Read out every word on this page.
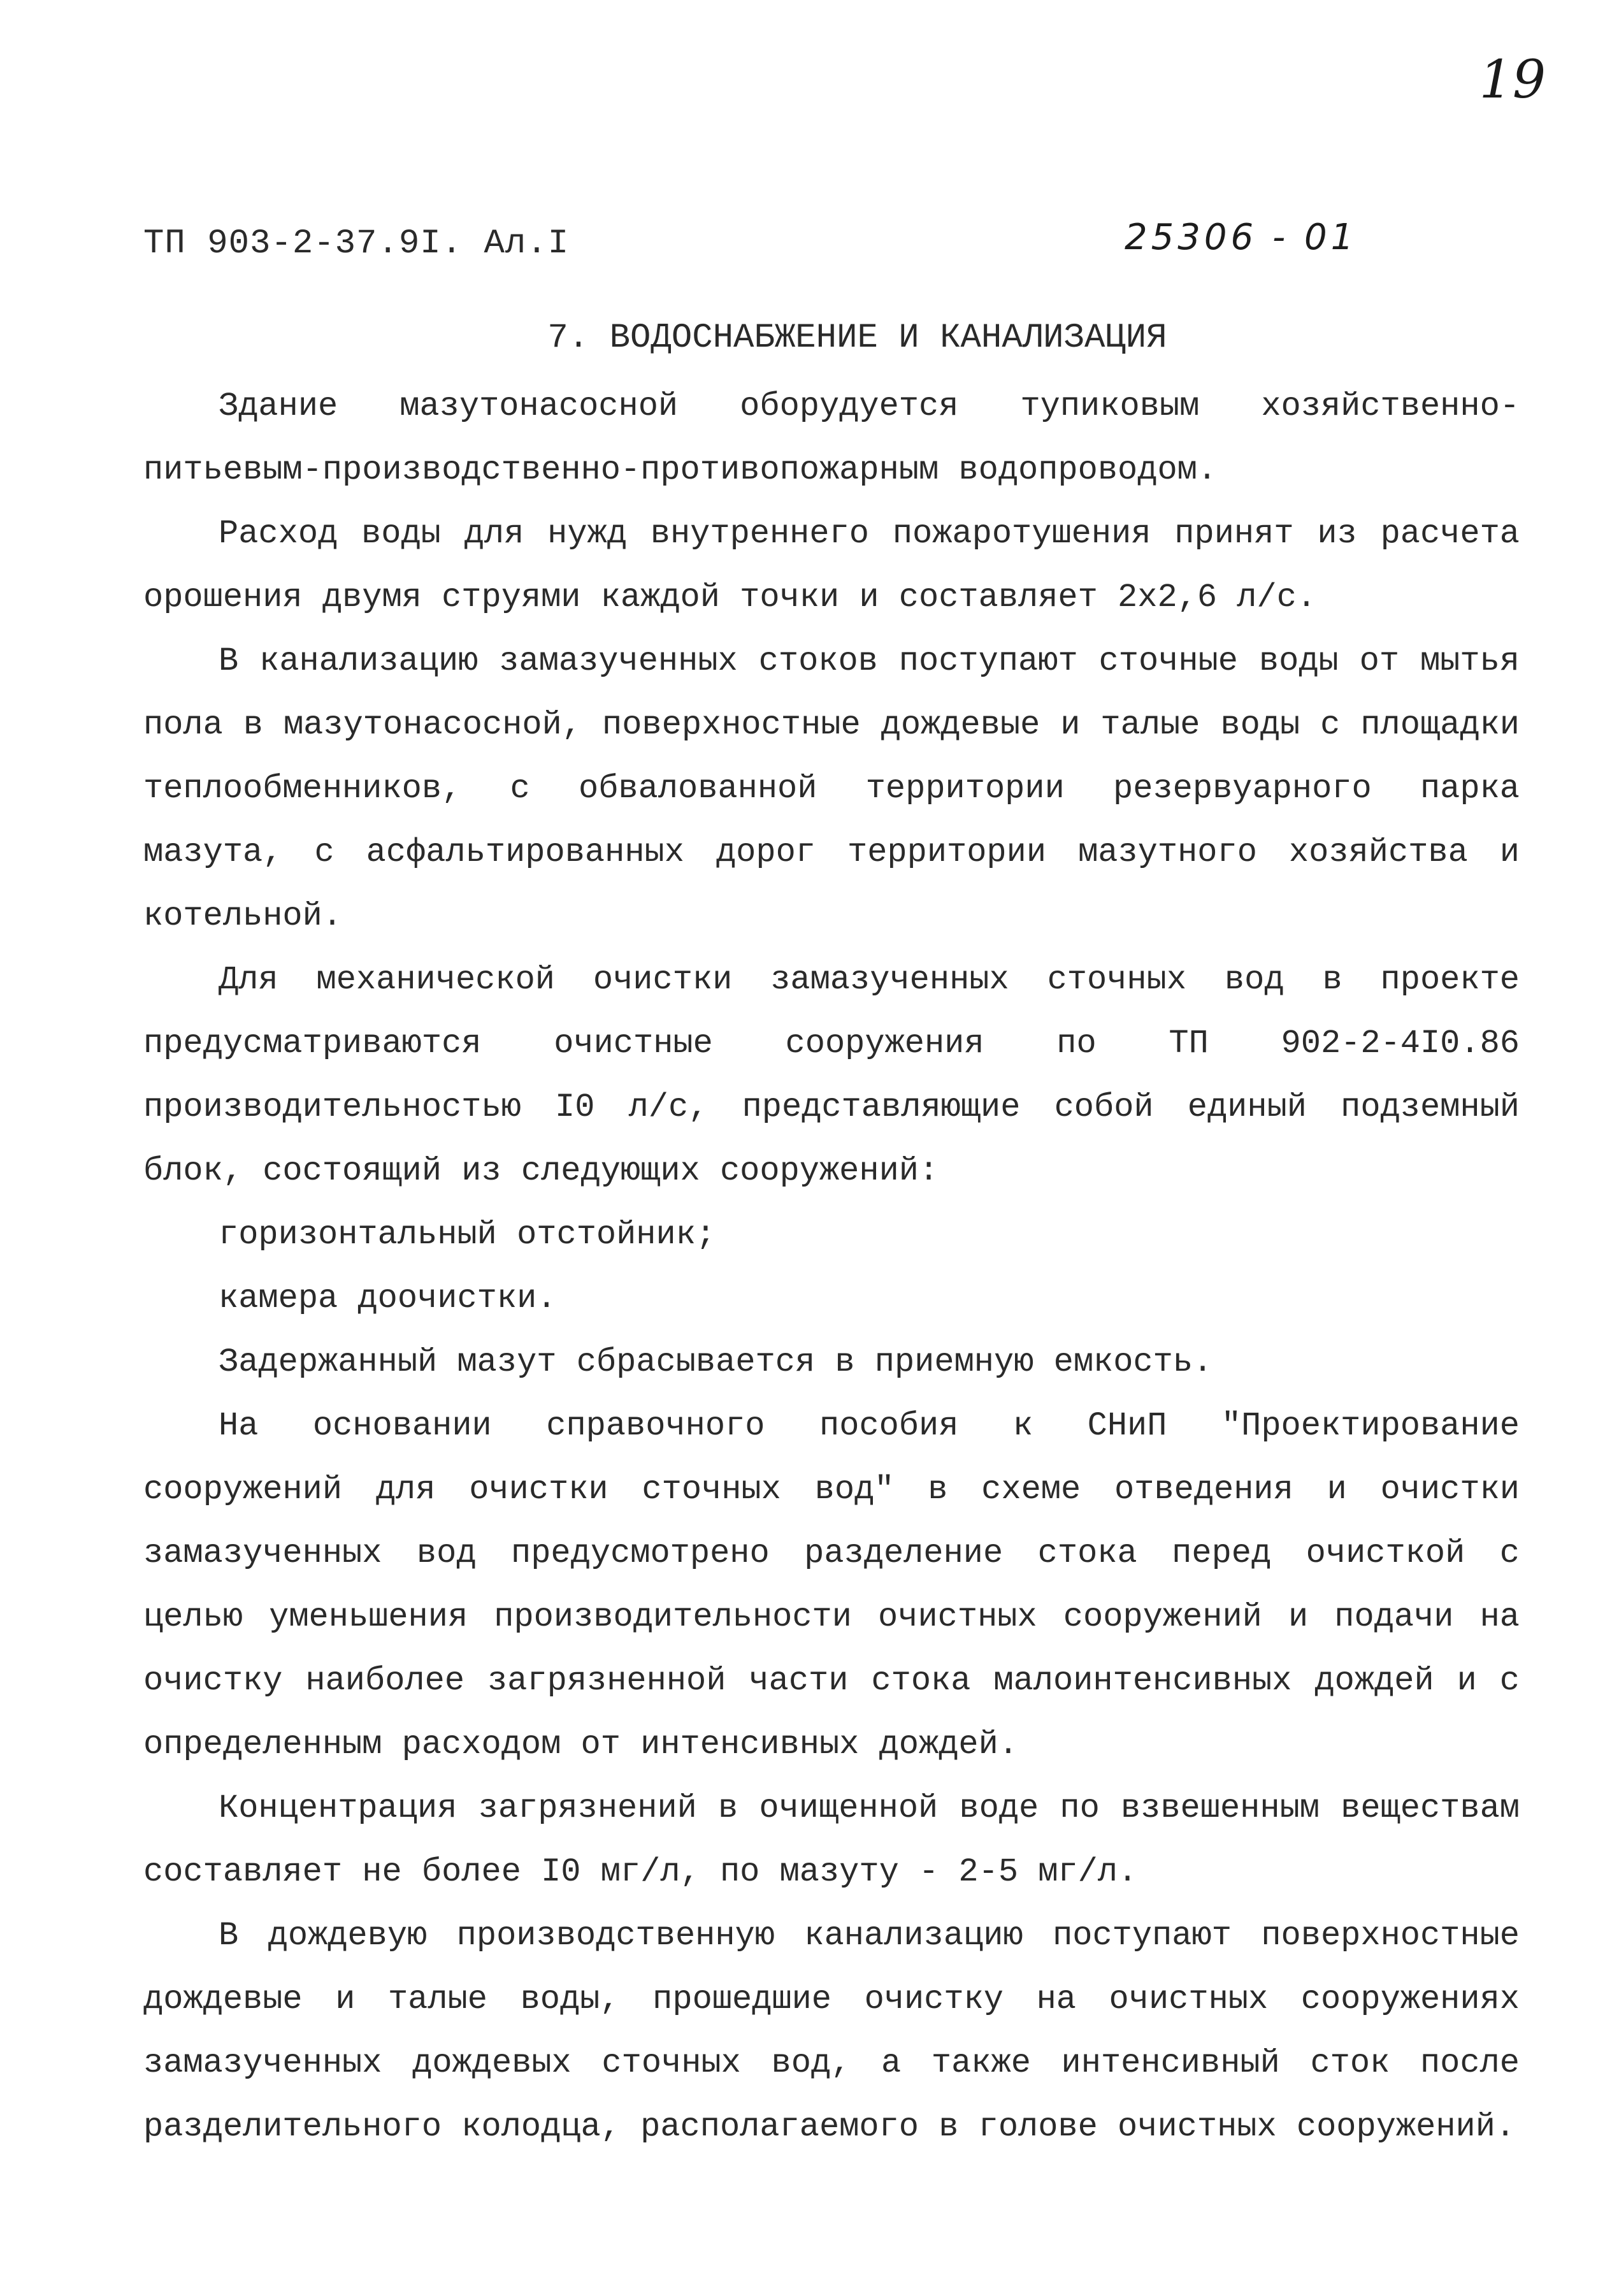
19
ТП 903-2-37.9I. Ал.I	25306 - 01
7. ВОДОСНАБЖЕНИЕ И КАНАЛИЗАЦИЯ

Здание мазутонасосной оборудуется тупиковым хозяйственно-питьевым-производственно-противопожарным водопроводом.

Расход воды для нужд внутреннего пожаротушения принят из расчета орошения двумя струями каждой точки и составляет 2х2,6 л/с.

В канализацию замазученных стоков поступают сточные воды от мытья пола в мазутонасосной, поверхностные дождевые и талые воды с площадки теплообменников, с обвалованной территории резервуарного парка мазута, с асфальтированных дорог территории мазутного хозяйства и котельной.

Для механической очистки замазученных сточных вод в проекте предусматриваются очистные сооружения по ТП 902-2-4I0.86 производительностью I0 л/с, представляющие собой единый подземный блок, состоящий из следующих сооружений:

горизонтальный отстойник;

камера доочистки.

Задержанный мазут сбрасывается в приемную емкость.

На основании справочного пособия к СНиП "Проектирование сооружений для очистки сточных вод" в схеме отведения и очистки замазученных вод предусмотрено разделение стока перед очисткой с целью уменьшения производительности очистных сооружений и подачи на очистку наиболее загрязненной части стока малоинтенсивных дождей и с определенным расходом от интенсивных дождей.

Концентрация загрязнений в очищенной воде по взвешенным веществам составляет не более I0 мг/л, по мазуту - 2-5 мг/л.

В дождевую производственную канализацию поступают поверхностные дождевые и талые воды, прошедшие очистку на очистных сооружениях замазученных дождевых сточных вод, а также интенсивный сток после разделительного колодца, располагаемого в голове очистных сооружений.
